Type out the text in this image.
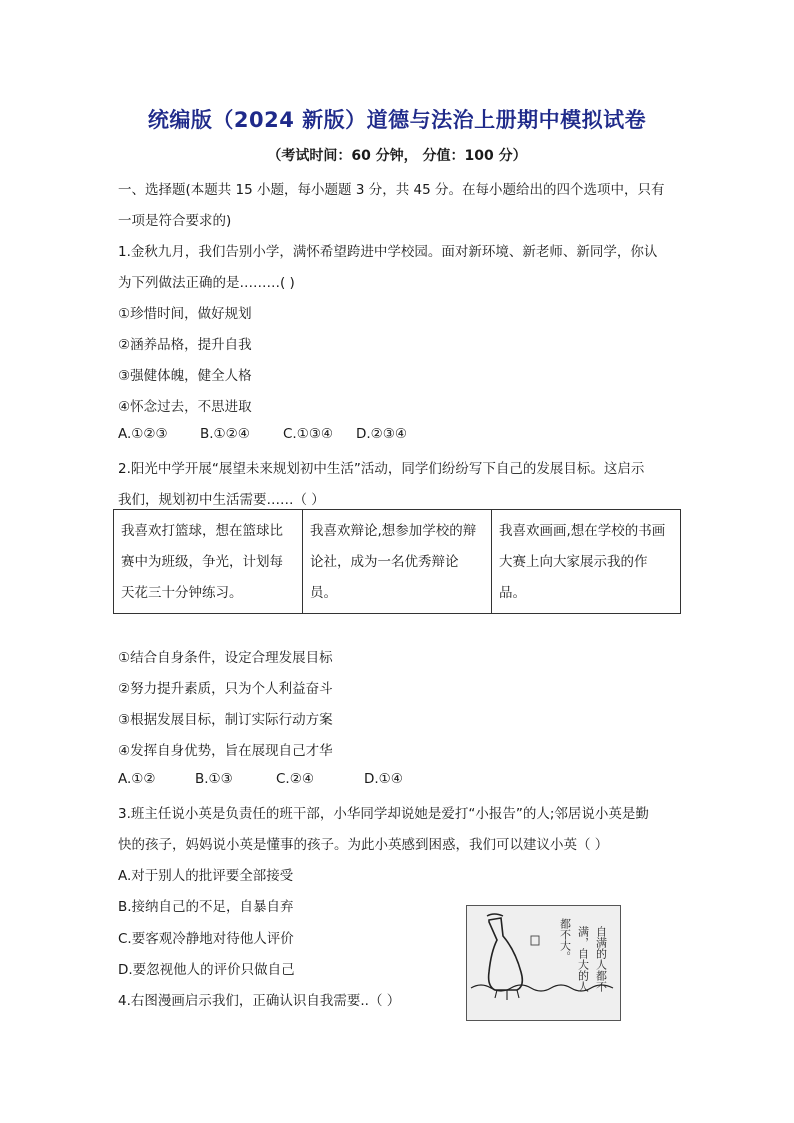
统编版（2024 新版）道德与法治上册期中模拟试卷
（考试时间：60 分钟， 分值：100 分）
一、选择题(本题共 15 小题，每小题题 3 分，共 45 分。在每小题给出的四个选项中，只有
一项是符合要求的)
1.金秋九月，我们告别小学，满怀希望跨进中学校园。面对新环境、新老师、新同学，你认
为下列做法正确的是………( )
①珍惜时间，做好规划
②涵养品格，提升自我
③强健体魄，健全人格
④怀念过去，不思进取
A.①②③ B.①②④ C.①③④ D.②③④
2.阳光中学开展“展望未来规划初中生活”活动，同学们纷纷写下自己的发展目标。这启示
我们，规划初中生活需要……（ ）
我喜欢打篮球，想在篮球比赛中为班级，争光，计划每天花三十分钟练习。	我喜欢辩论,想参加学校的辩论社，成为一名优秀辩论员。	我喜欢画画,想在学校的书画大赛上向大家展示我的作品。
①结合自身条件，设定合理发展目标
②努力提升素质，只为个人利益奋斗
③根据发展目标，制订实际行动方案
④发挥自身优势，旨在展现自己才华
A.①②	B.①③	C.②④	D.①④
3.班主任说小英是负责任的班干部，小华同学却说她是爱打“小报告”的人;邻居说小英是勤
快的孩子，妈妈说小英是懂事的孩子。为此小英感到困惑，我们可以建议小英（ ）
A.对于别人的批评要全部接受
B.接纳自己的不足，自暴自弃
C.要客观冷静地对待他人评价
D.要忽视他人的评价只做自己
4.右图漫画启示我们，正确认识自我需要..（ ）
自满的人都不
满，自大的人
都不大。
